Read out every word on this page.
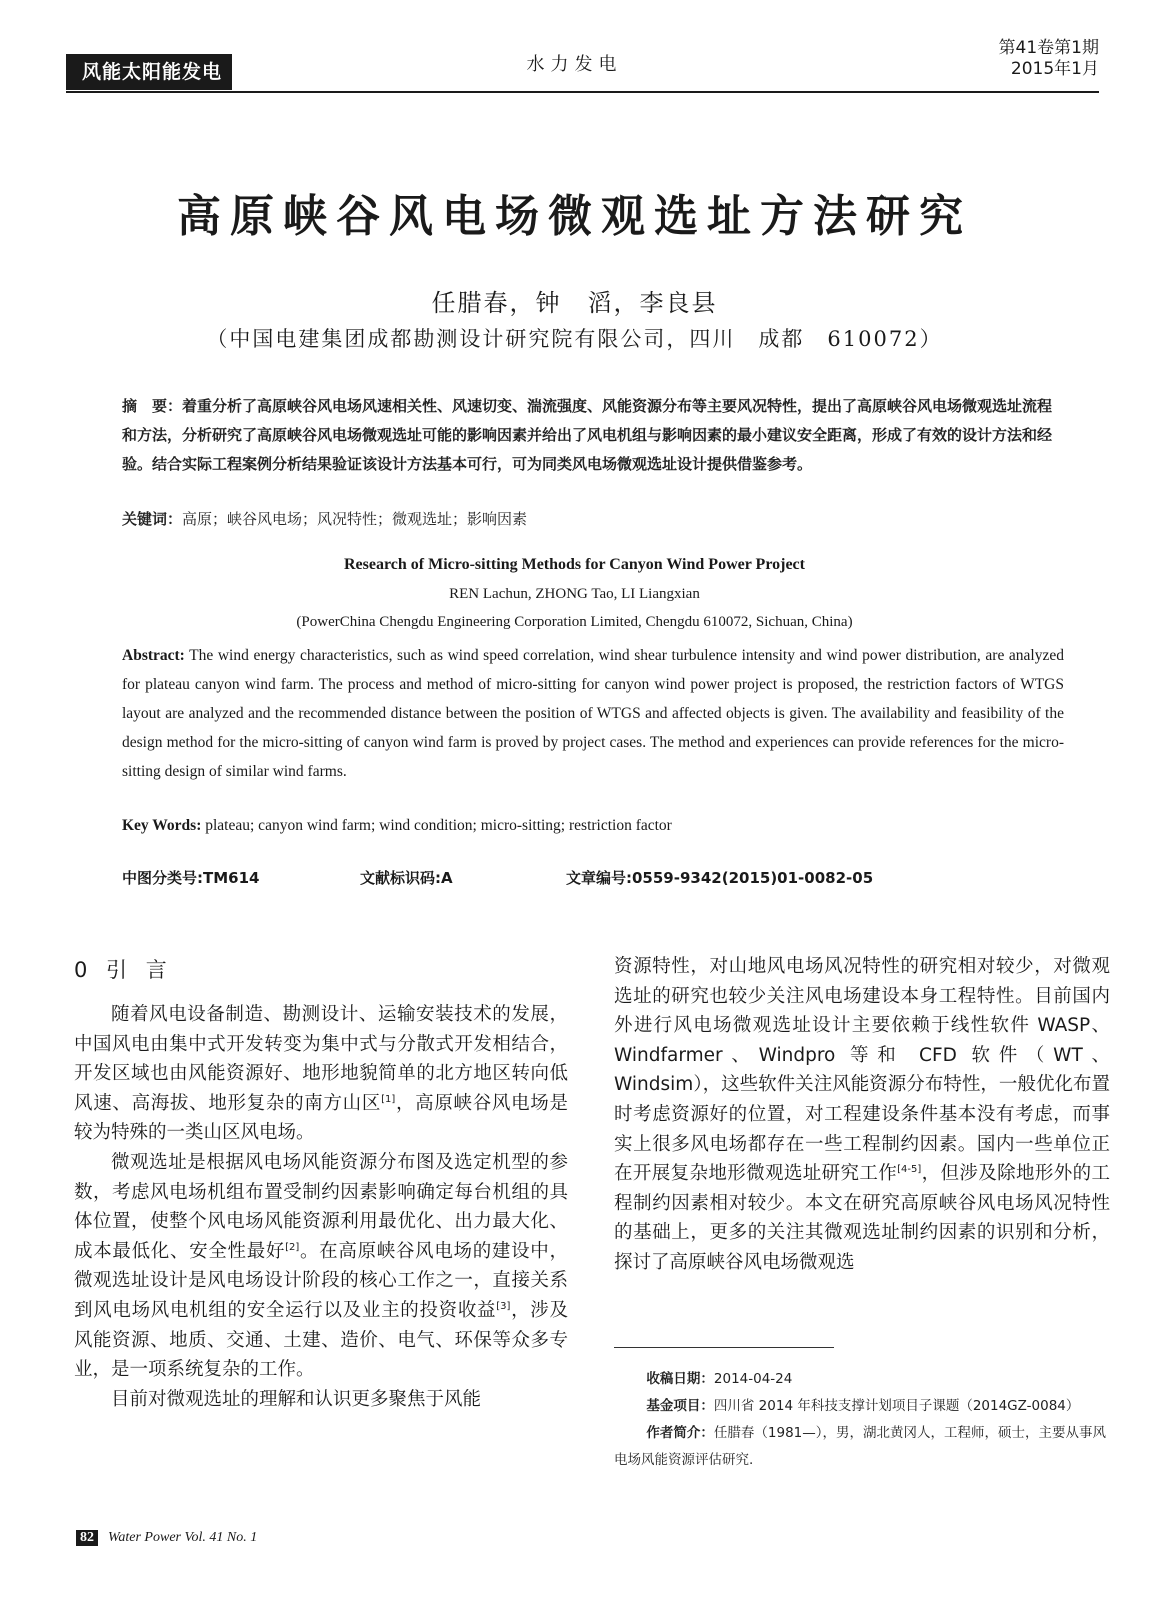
风能太阳能发电	水力发电
第41卷第1期
2015年1月
高原峡谷风电场微观选址方法研究
任腊春，钟　滔，李良县
（中国电建集团成都勘测设计研究院有限公司，四川　成都　610072）
摘　要：着重分析了高原峡谷风电场风速相关性、风速切变、湍流强度、风能资源分布等主要风况特性，提出了高原峡谷风电场微观选址流程和方法，分析研究了高原峡谷风电场微观选址可能的影响因素并给出了风电机组与影响因素的最小建议安全距离，形成了有效的设计方法和经验。结合实际工程案例分析结果验证该设计方法基本可行，可为同类风电场微观选址设计提供借鉴参考。
关键词：高原；峡谷风电场；风况特性；微观选址；影响因素
Research of Micro-sitting Methods for Canyon Wind Power Project
REN Lachun, ZHONG Tao, LI Liangxian
(PowerChina Chengdu Engineering Corporation Limited, Chengdu 610072, Sichuan, China)
Abstract: The wind energy characteristics, such as wind speed correlation, wind shear turbulence intensity and wind power distribution, are analyzed for plateau canyon wind farm. The process and method of micro-sitting for canyon wind power project is proposed, the restriction factors of WTGS layout are analyzed and the recommended distance between the position of WTGS and affected objects is given. The availability and feasibility of the design method for the micro-sitting of canyon wind farm is proved by project cases. The method and experiences can provide references for the micro-sitting design of similar wind farms.
Key Words: plateau; canyon wind farm; wind condition; micro-sitting; restriction factor
中图分类号:TM614	文献标识码:A	文章编号:0559-9342(2015)01-0082-05
0 引 言

随着风电设备制造、勘测设计、运输安装技术的发展，中国风电由集中式开发转变为集中式与分散式开发相结合，开发区域也由风能资源好、地形地貌简单的北方地区转向低风速、高海拔、地形复杂的南方山区[1]，高原峡谷风电场是较为特殊的一类山区风电场。

微观选址是根据风电场风能资源分布图及选定机型的参数，考虑风电场机组布置受制约因素影响确定每台机组的具体位置，使整个风电场风能资源利用最优化、出力最大化、成本最低化、安全性最好[2]。在高原峡谷风电场的建设中，微观选址设计是风电场设计阶段的核心工作之一，直接关系到风电场风电机组的安全运行以及业主的投资收益[3]，涉及风能资源、地质、交通、土建、造价、电气、环保等众多专业，是一项系统复杂的工作。

目前对微观选址的理解和认识更多聚焦于风能

资源特性，对山地风电场风况特性的研究相对较少，对微观选址的研究也较少关注风电场建设本身工程特性。目前国内外进行风电场微观选址设计主要依赖于线性软件 WASP、Windfarmer、Windpro 等和 CFD 软件（WT、Windsim），这些软件关注风能资源分布特性，一般优化布置时考虑资源好的位置，对工程建设条件基本没有考虑，而事实上很多风电场都存在一些工程制约因素。国内一些单位正在开展复杂地形微观选址研究工作[4-5]，但涉及除地形外的工程制约因素相对较少。本文在研究高原峡谷风电场风况特性的基础上，更多的关注其微观选址制约因素的识别和分析，探讨了高原峡谷风电场微观选

收稿日期：2014-04-24
基金项目：四川省 2014 年科技支撑计划项目子课题（2014GZ-0084）
作者简介：任腊春（1981—），男，湖北黄冈人，工程师，硕士，主要从事风电场风能资源评估研究.
82 Water Power Vol. 41 No. 1
